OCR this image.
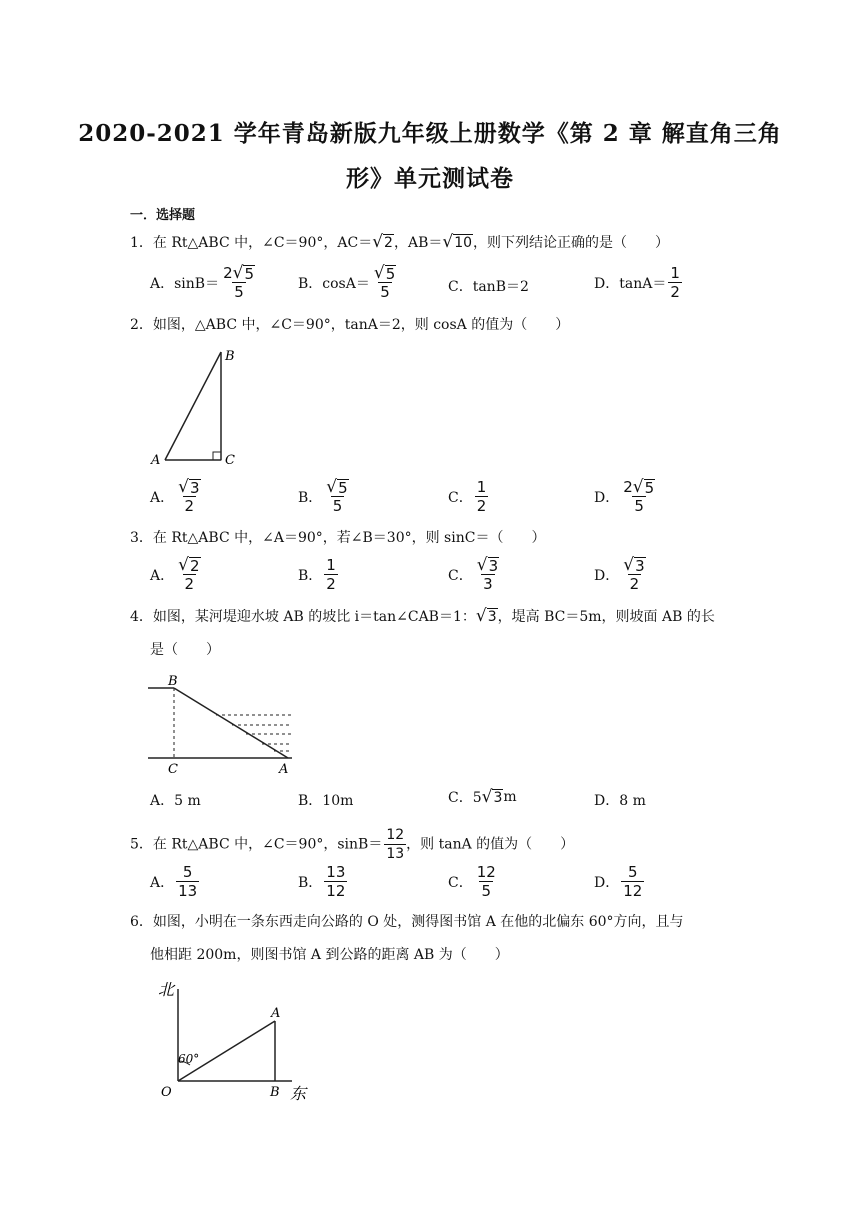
2020-2021 学年青岛新版九年级上册数学《第 2 章 解直角三角
形》单元测试卷
一．选择题
1．在 Rt△ABC 中，∠C＝90°，AC＝ √ 2 ，AB＝ √ 10 ，则下列结论正确的是（　　）
A．$\sin B= \frac{2 √ 5}{5}$	B．$\cos A= \frac{√ 5}{5}$	C．tanB＝2	D．$\tan A= \frac{1}{2}$
2．如图，△ABC 中，∠C＝90°，tanA＝2，则 cosA 的值为（　　）
B
A	C
A． $\frac{√ 3}{2}$	B． $\frac{√ 5}{5}$	C． $\frac{1}{2}$	D． $\frac{2 √ 5}{5}$
3．在 Rt△ABC 中，∠A＝90°，若∠B＝30°，则 sinC＝（　　）
A． $\frac{√ 2}{2}$	B． $\frac{1}{2}$	C． $\frac{√ 3}{3}$	D． $\frac{√ 3}{2}$
4．如图，某河堤迎水坡 AB 的坡比 i＝tan∠CAB＝1： √ 3 ，堤高 BC＝5m，则坡面 AB 的长
是（　　）
B
C	A
A．5 m	B．10m	C．5 √ 3 m	D．8 m
5．在 Rt△ABC 中，∠C＝90°，$\sin B= \frac{12}{13}$ ，则 tanA 的值为（　　）
A． $\frac{5}{13}$	B． $\frac{13}{12}$	C． $\frac{12}{5}$	D． $\frac{5}{12}$
6．如图，小明在一条东西走向公路的 O 处，测得图书馆 A 在他的北偏东 60°方向，且与
他相距 200m，则图书馆 A 到公路的距离 AB 为（　　）
北
东
60°
O
A
B
